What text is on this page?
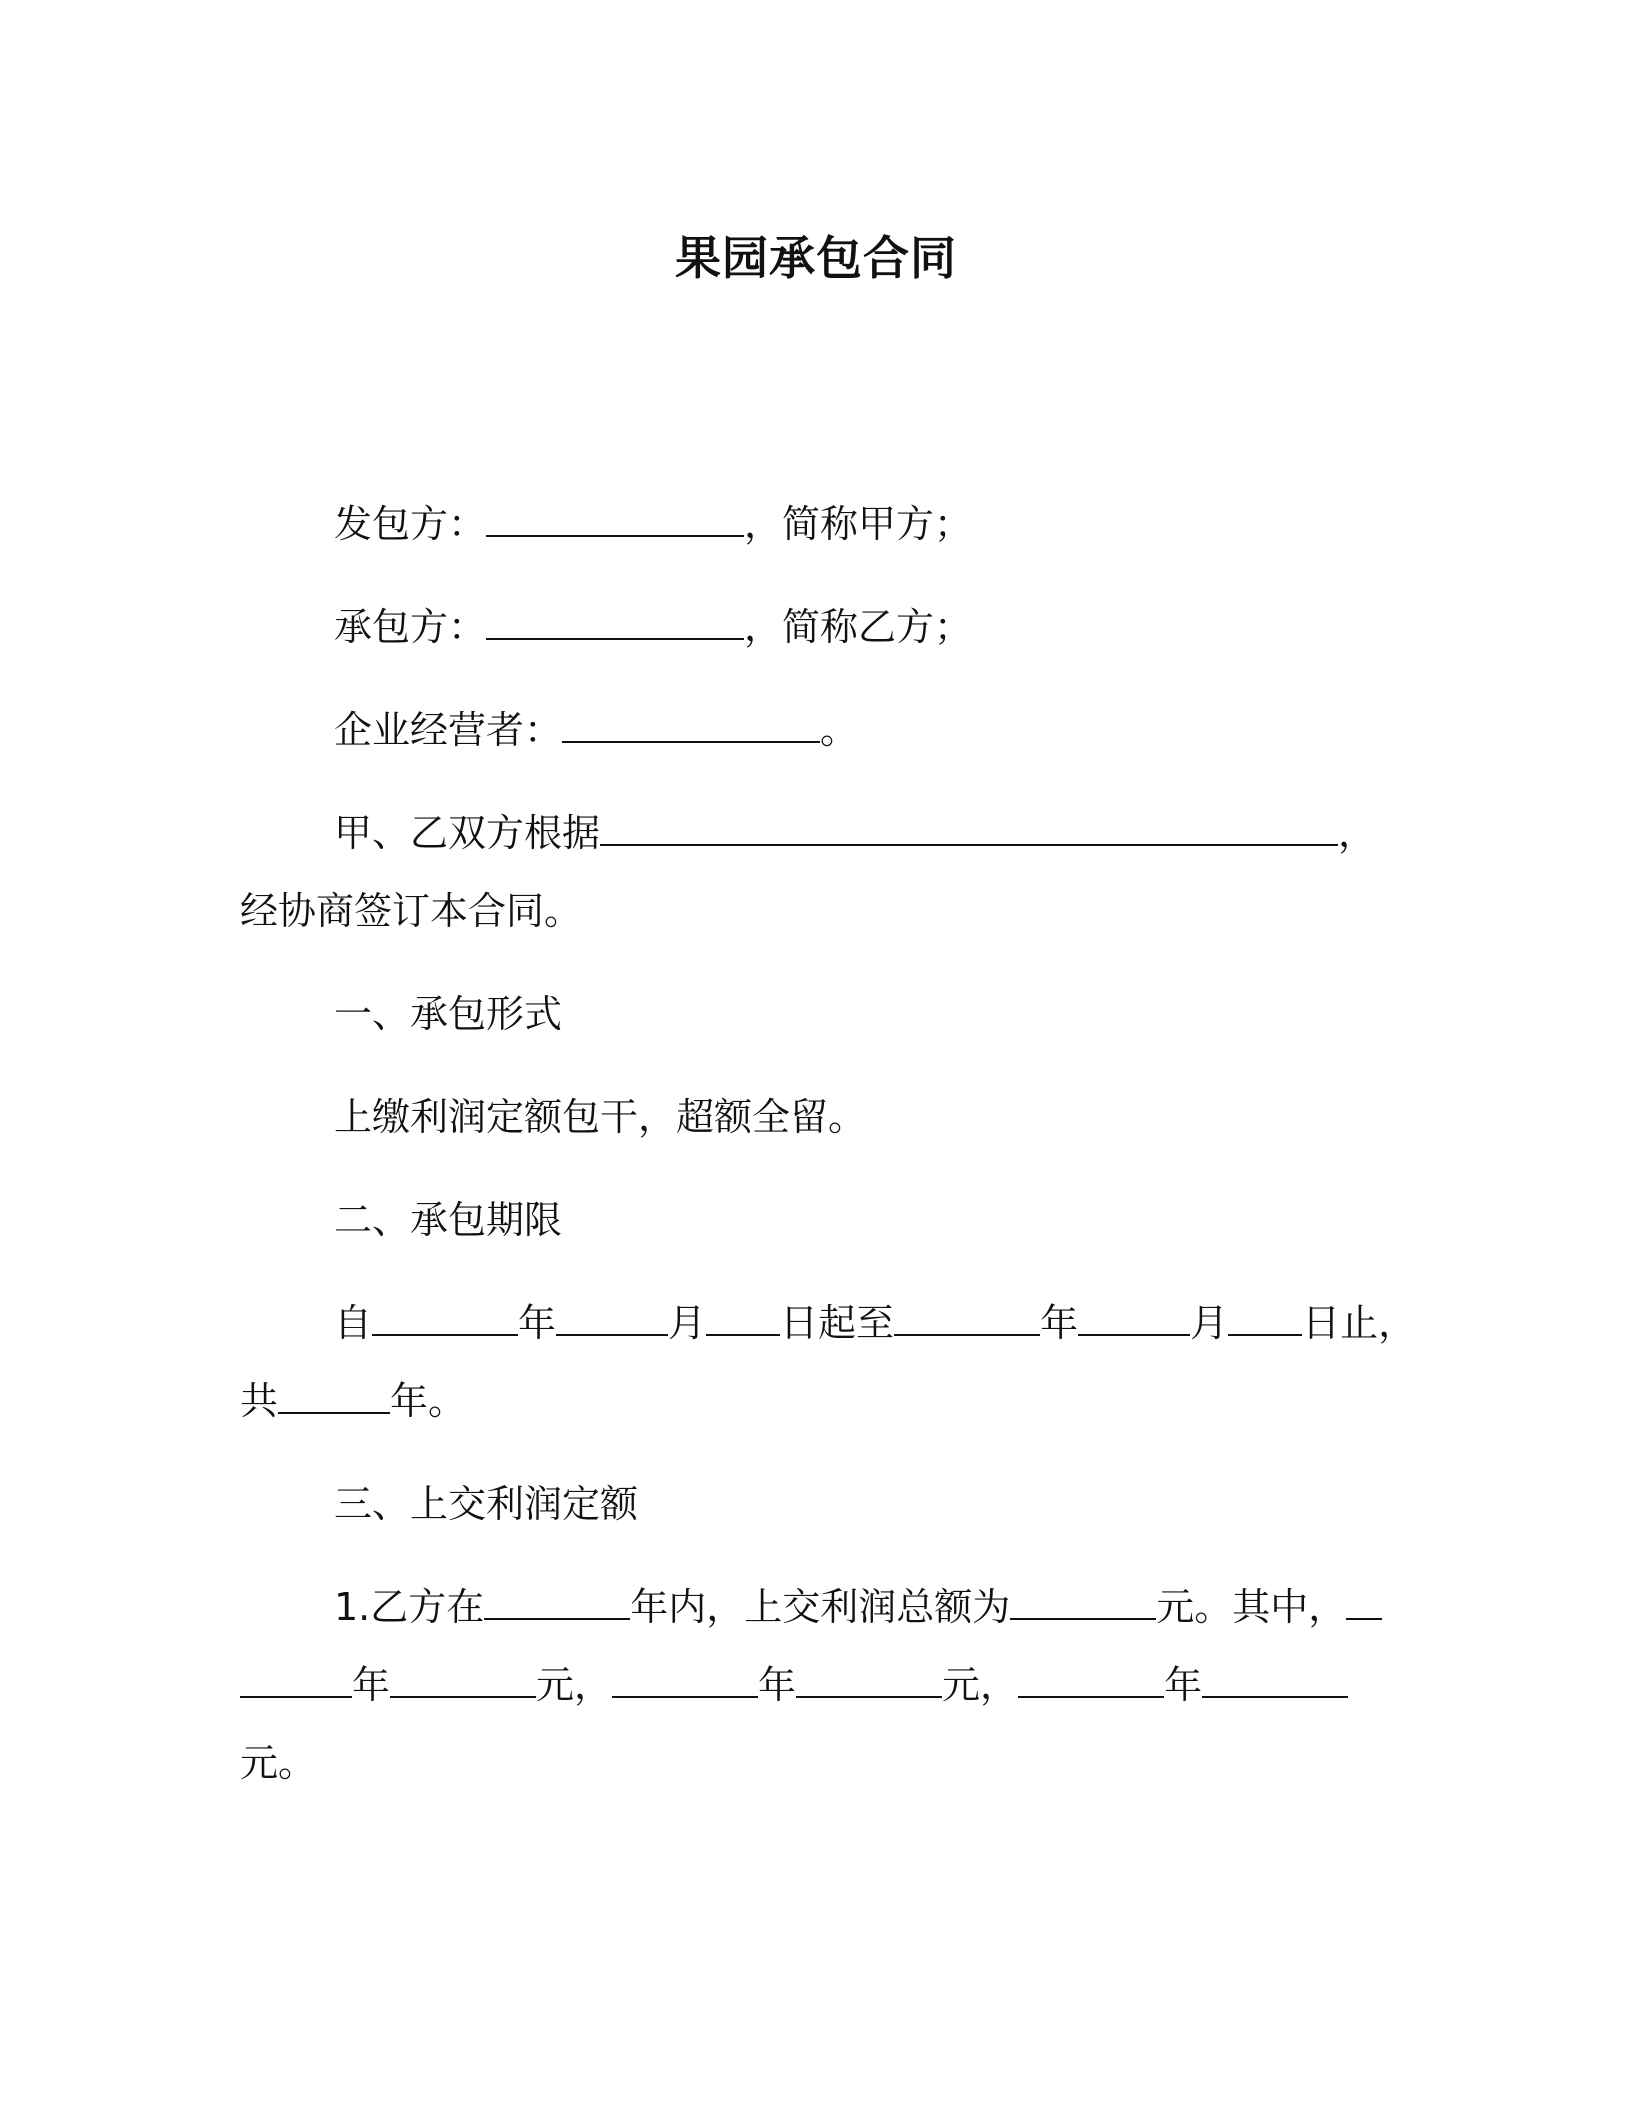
果园承包合同
发包方：	，简称甲方；
承包方：	，简称乙方；
企业经营者：	。
甲、乙双方根据	，
经协商签订本合同。
一、承包形式
上缴利润定额包干，超额全留。
二、承包期限
自	年	月 日起至	年	月 日止，
共	年。
三、上交利润定额
1.乙方在	年内，上交利润总额为	元。其中，
年	元，	年	元，	年
元。
